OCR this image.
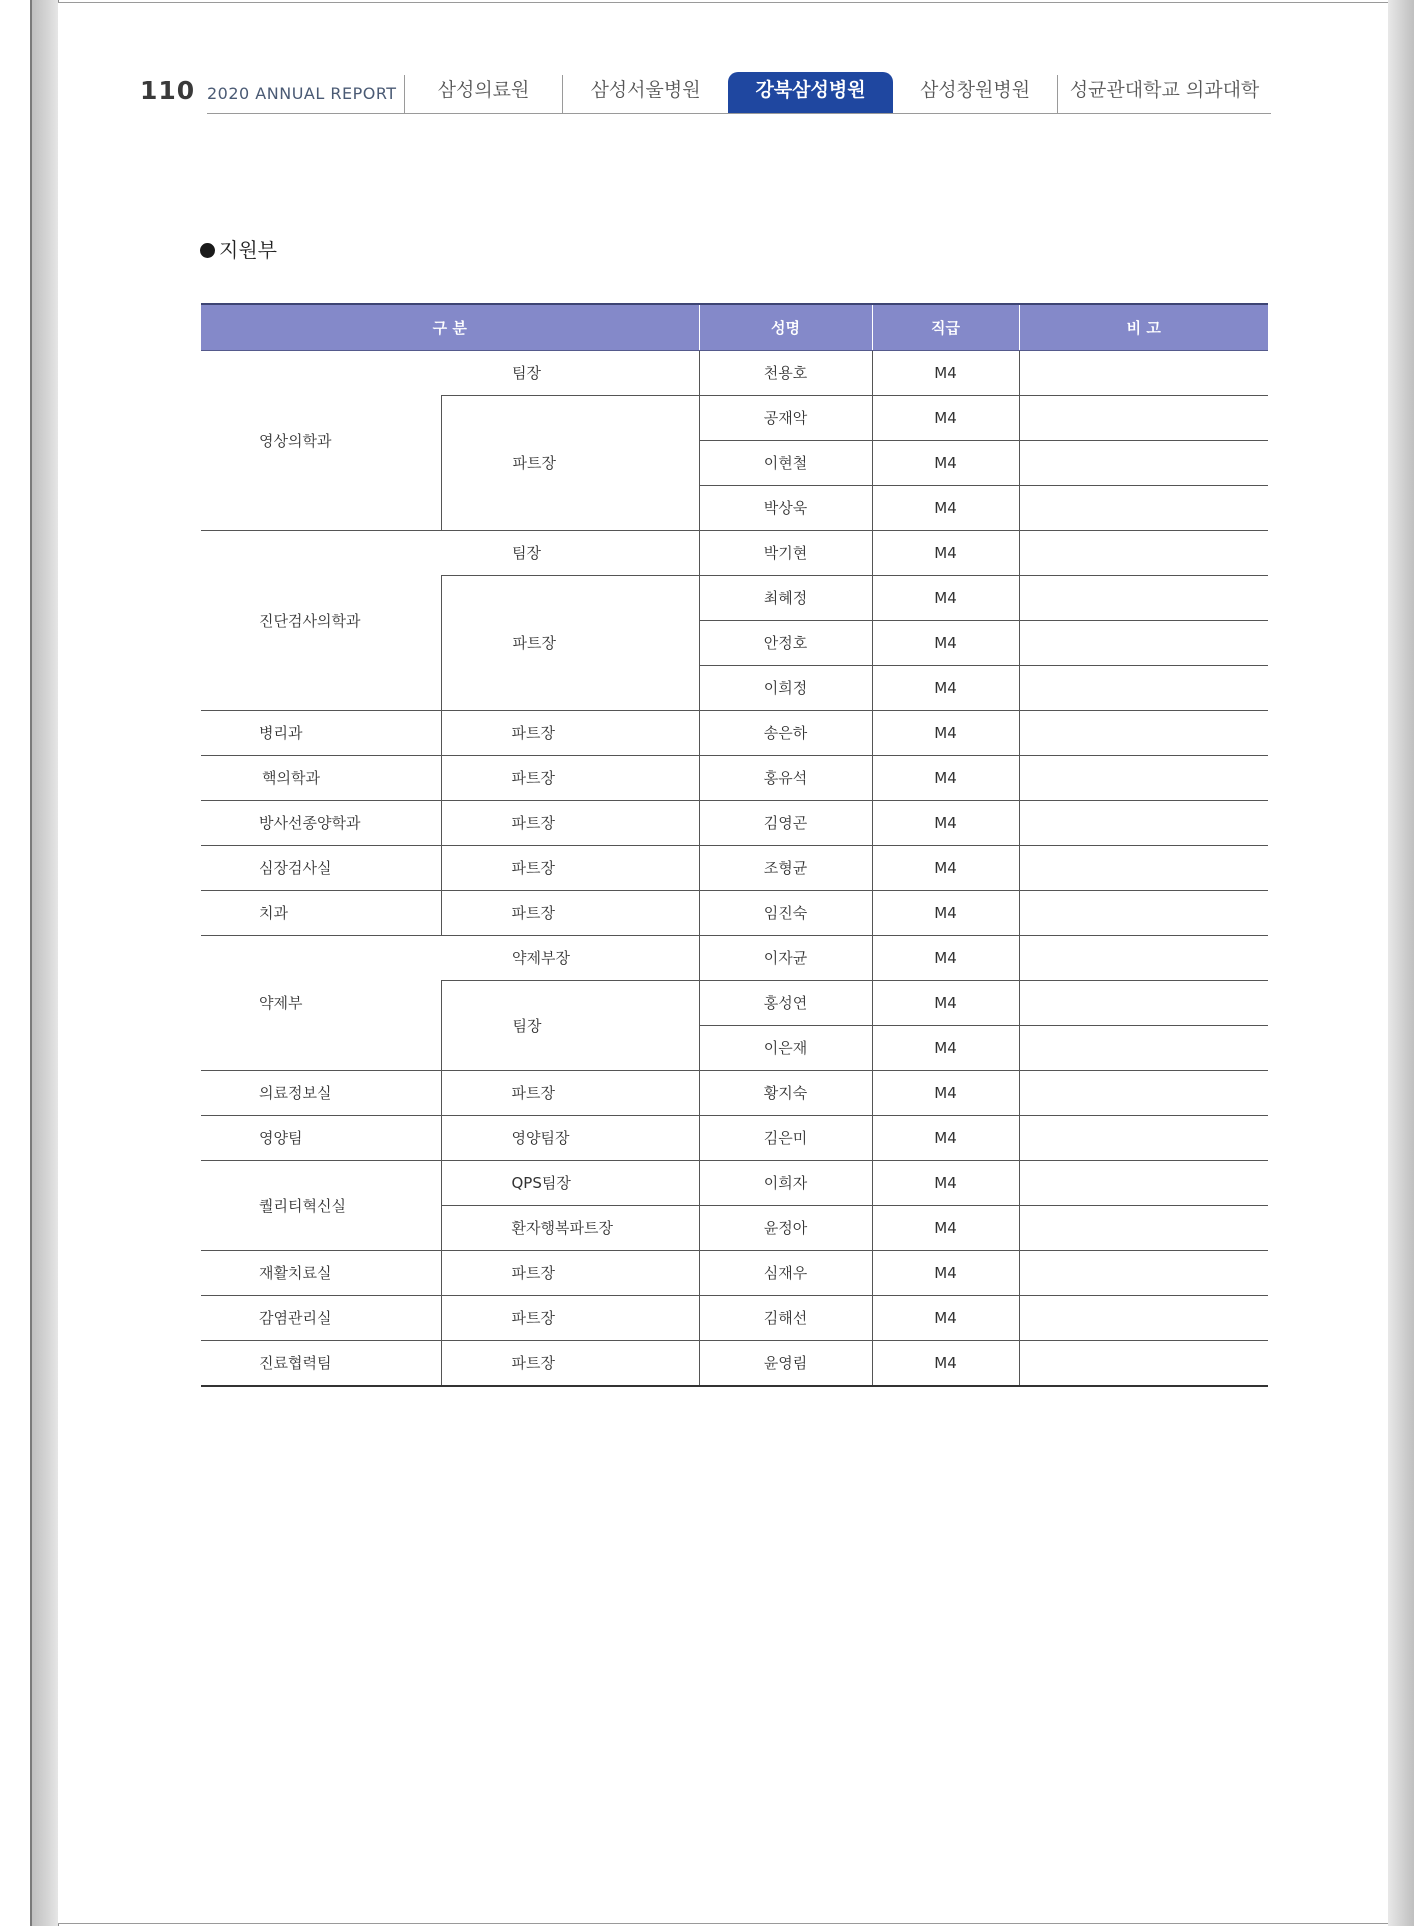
110 2020 ANNUAL REPORT	삼성의료원	삼성서울병원	강북삼성병원	삼성창원병원	성균관대학교 의과대학
지원부
구 분		성명	직급	비 고
영상의학과	팀장	천용호	M4	
	파트장	공재악	M4	
		이현철	M4	
		박상욱	M4	
진단검사의학과	팀장	박기현	M4	
	파트장	최혜정	M4	
		안정호	M4	
		이희정	M4	
병리과	파트장	송은하	M4	
핵의학과	파트장	홍유석	M4	
방사선종양학과	파트장	김영곤	M4	
심장검사실	파트장	조형균	M4	
치과	파트장	임진숙	M4	
약제부	약제부장	이자균	M4	
	팀장	홍성연	M4	
		이은재	M4	
의료정보실	파트장	황지숙	M4	
영양팀	영양팀장	김은미	M4	
퀄리티혁신실	QPS팀장	이희자	M4	
	환자행복파트장	윤정아	M4	
재활치료실	파트장	심재우	M4	
감염관리실	파트장	김해선	M4	
진료협력팀	파트장	윤영림	M4	
